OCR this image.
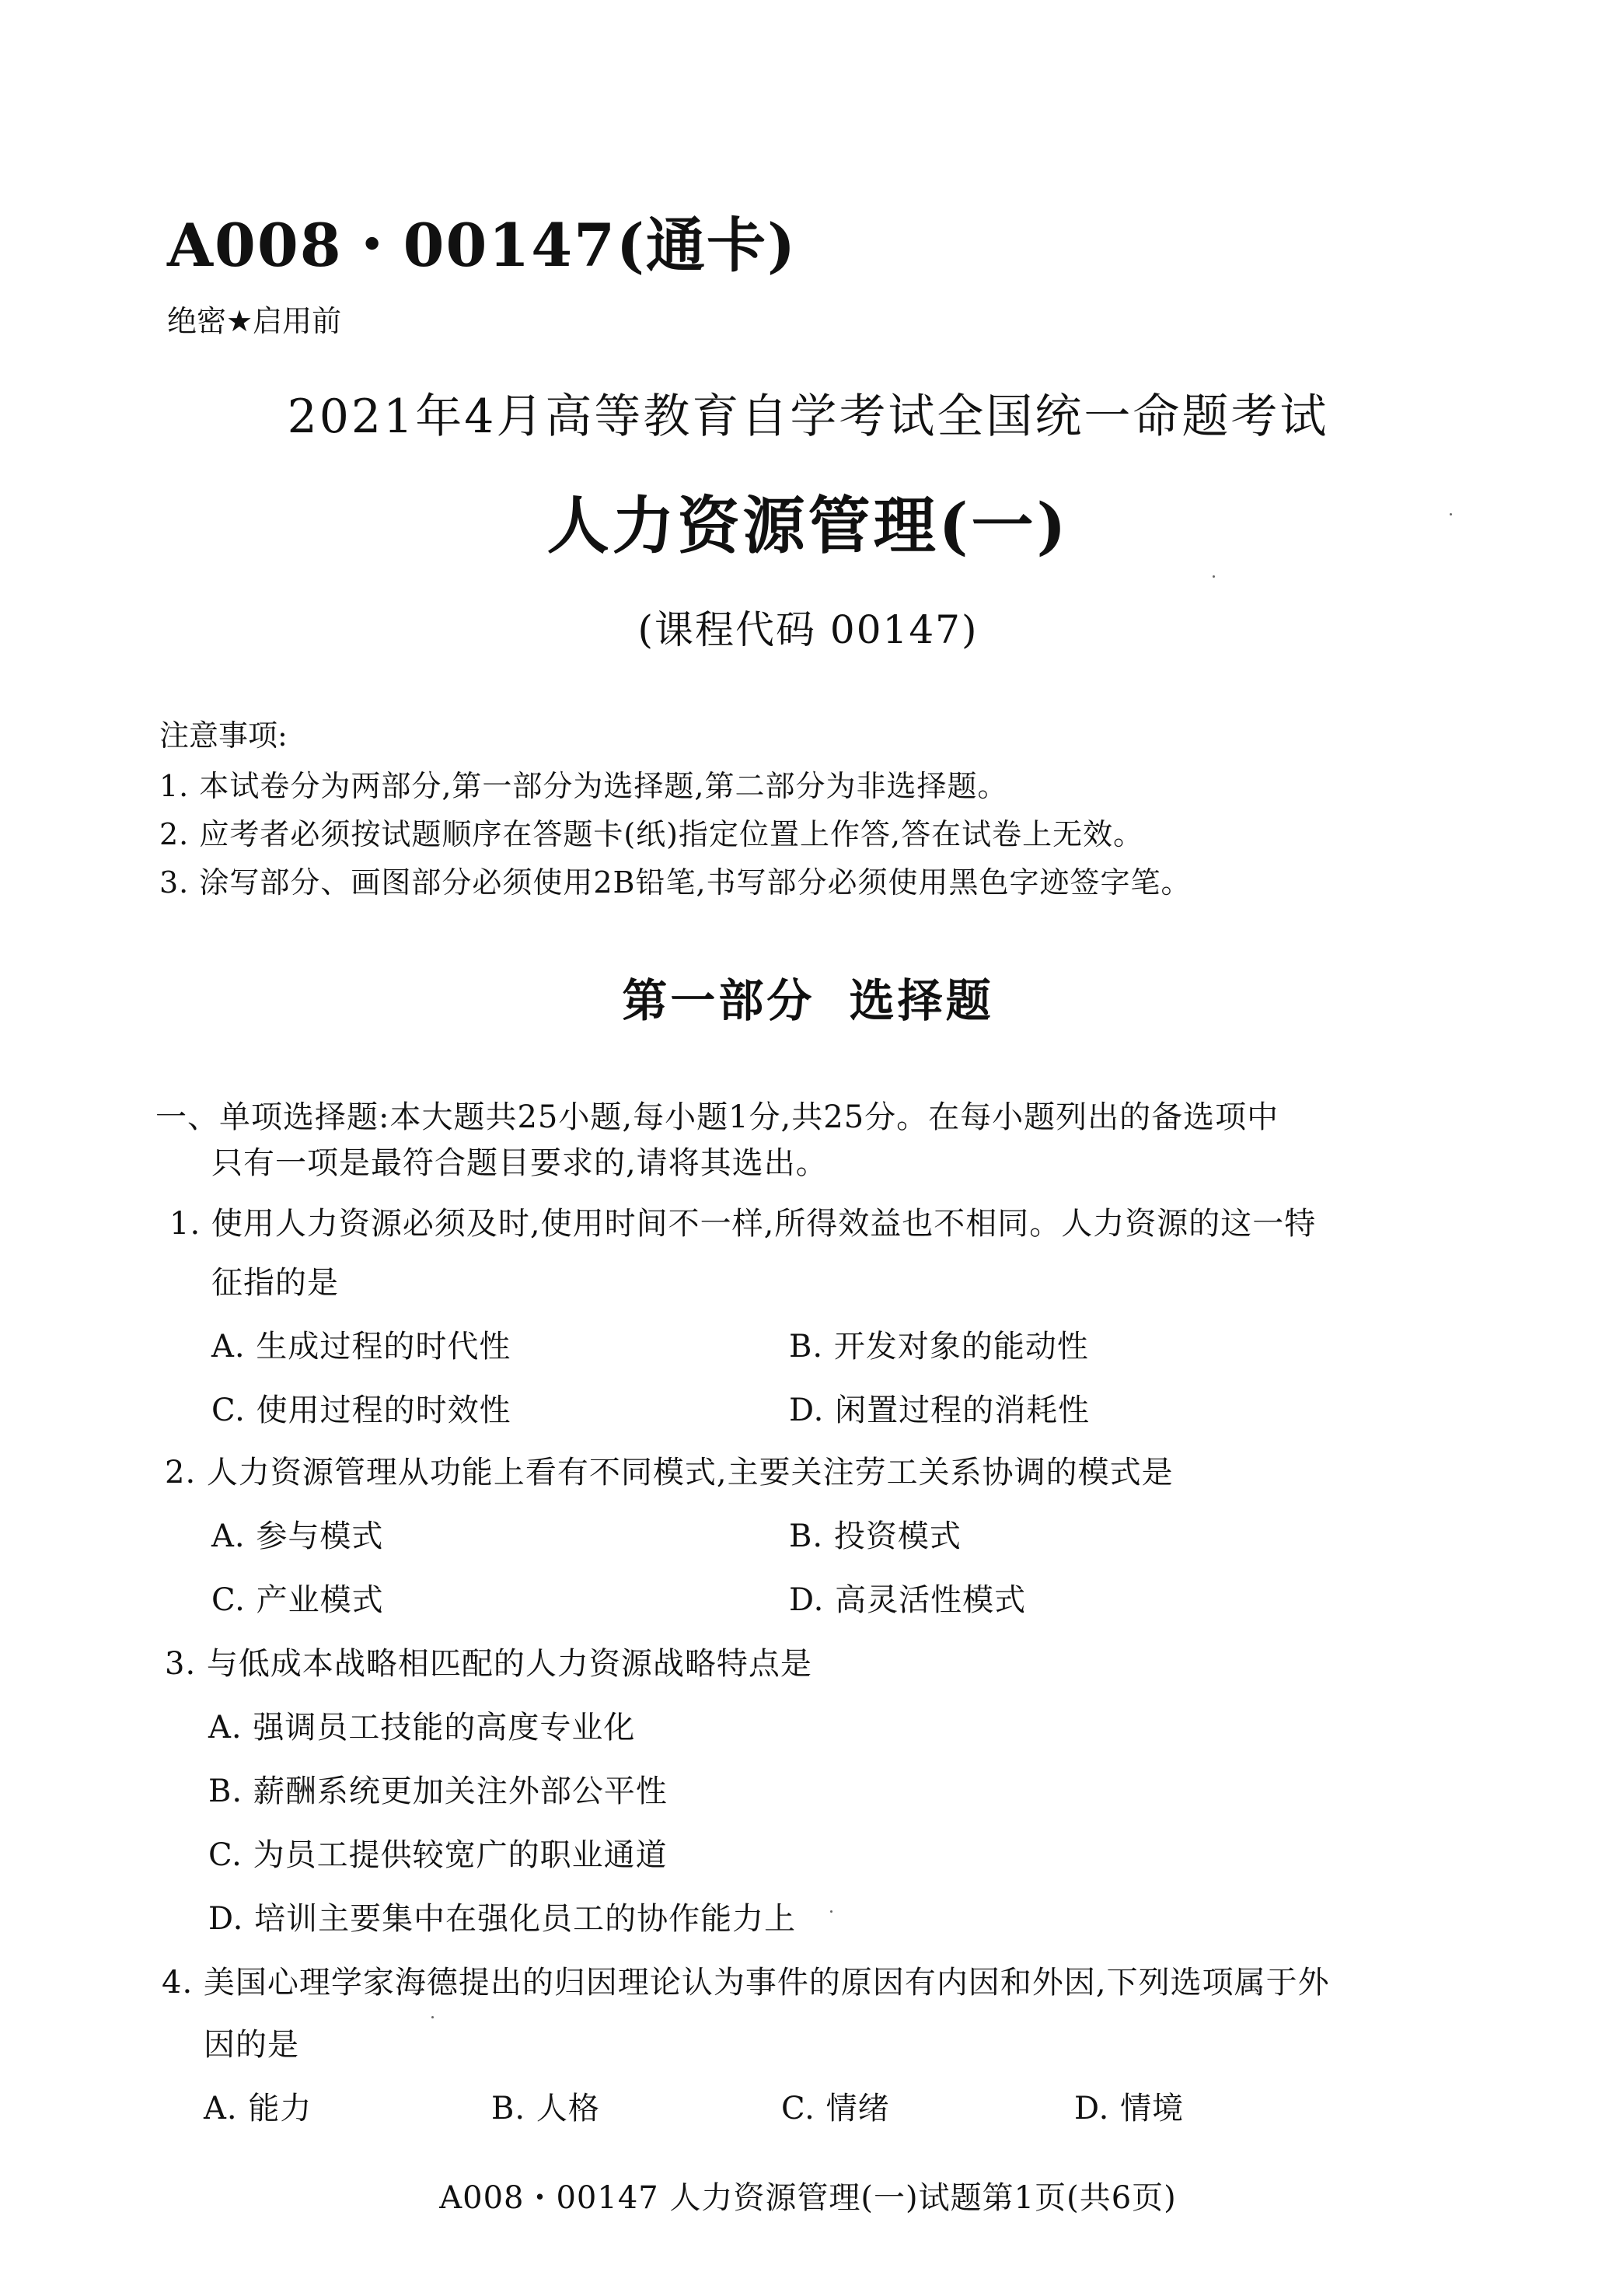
A008・00147(通卡)
绝密★启用前
2021年4月高等教育自学考试全国统一命题考试
人力资源管理(一)
(课程代码 00147)
注意事项:
1. 本试卷分为两部分,第一部分为选择题,第二部分为非选择题。
2. 应考者必须按试题顺序在答题卡(纸)指定位置上作答,答在试卷上无效。
3. 涂写部分、画图部分必须使用2B铅笔,书写部分必须使用黑色字迹签字笔。
第一部分 选择题
一、单项选择题:本大题共25小题,每小题1分,共25分。在每小题列出的备选项中
只有一项是最符合题目要求的,请将其选出。
1. 使用人力资源必须及时,使用时间不一样,所得效益也不相同。人力资源的这一特
征指的是
A. 生成过程的时代性	B. 开发对象的能动性
C. 使用过程的时效性	D. 闲置过程的消耗性
2. 人力资源管理从功能上看有不同模式,主要关注劳工关系协调的模式是
A. 参与模式	B. 投资模式
C. 产业模式	D. 高灵活性模式
3. 与低成本战略相匹配的人力资源战略特点是
A. 强调员工技能的高度专业化
B. 薪酬系统更加关注外部公平性
C. 为员工提供较宽广的职业通道
D. 培训主要集中在强化员工的协作能力上
4. 美国心理学家海德提出的归因理论认为事件的原因有内因和外因,下列选项属于外
因的是
A. 能力	B. 人格	C. 情绪	D. 情境
A008・00147 人力资源管理(一)试题第1页(共6页)
